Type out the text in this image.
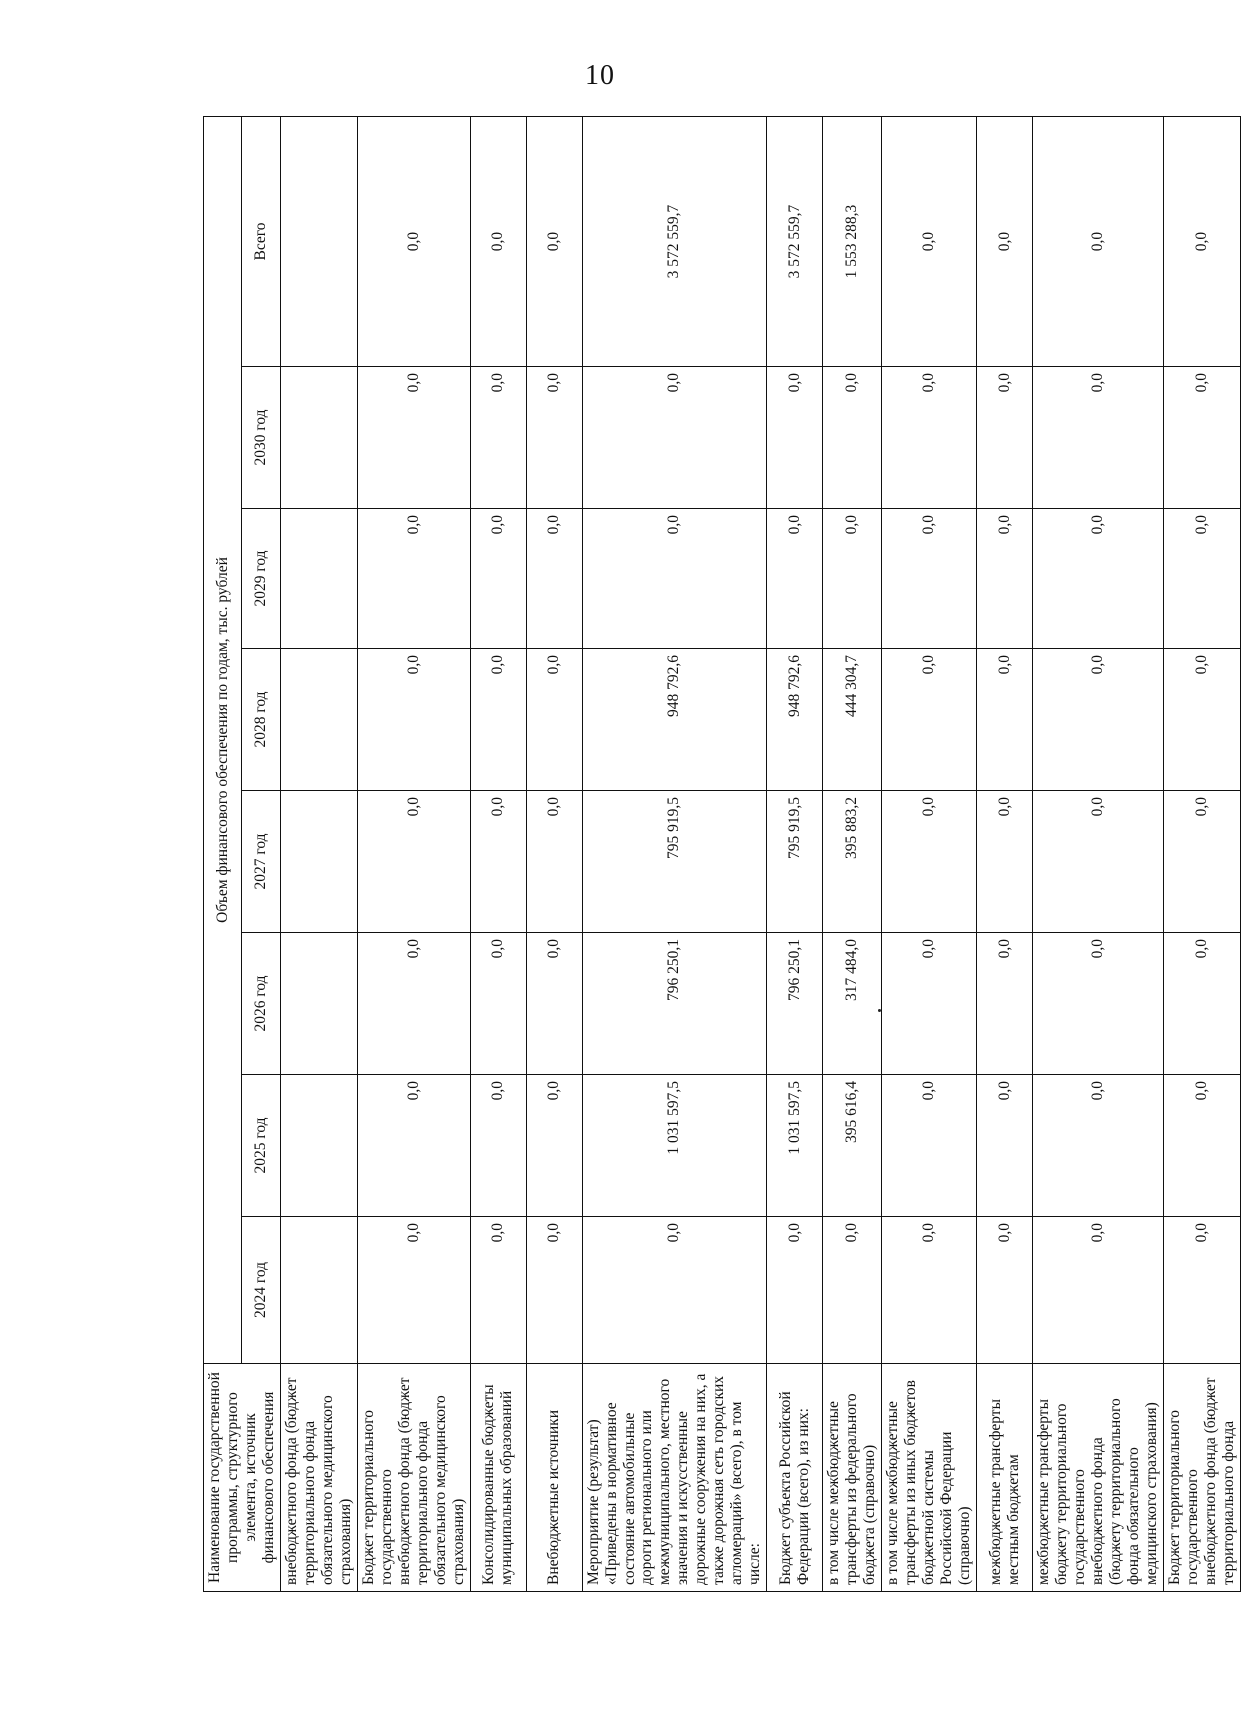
10
Наименование государственной программы, структурного элемента, источник финансового обеспечения	Объем финансового обеспечения по годам, тыс. рублей							
	2024 год	2025 год	2026 год	2027 год	2028 год	2029 год	2030 год	Всего
внебюджетного фонда (бюджет территориального фонда обязательного медицинского страхования)								
Бюджет территориального государственного внебюджетного фонда (бюджет территориального фонда обязательного медицинского страхования)	0,0	0,0	0,0	0,0	0,0	0,0	0,0	0,0
Консолидированные бюджеты муниципальных образований	0,0	0,0	0,0	0,0	0,0	0,0	0,0	0,0
Внебюджетные источники	0,0	0,0	0,0	0,0	0,0	0,0	0,0	0,0
Мероприятие (результат) «Приведены в нормативное состояние автомобильные дороги регионального или межмуниципального, местного значения и искусственные дорожные сооружения на них, а также дорожная сеть городских агломераций» (всего), в том числе:	0,0	1 031 597,5	796 250,1	795 919,5	948 792,6	0,0	0,0	3 572 559,7
Бюджет субъекта Российской Федерации (всего), из них:	0,0	1 031 597,5	796 250,1	795 919,5	948 792,6	0,0	0,0	3 572 559,7
в том числе межбюджетные трансферты из федерального бюджета (справочно)	0,0	395 616,4	317 484,0	395 883,2	444 304,7	0,0	0,0	1 553 288,3
в том числе межбюджетные трансферты из иных бюджетов бюджетной системы Российской Федерации (справочно)	0,0	0,0	0,0	0,0	0,0	0,0	0,0	0,0
межбюджетные трансферты местным бюджетам	0,0	0,0	0,0	0,0	0,0	0,0	0,0	0,0
межбюджетные трансферты бюджету территориального государственного внебюджетного фонда (бюджету территориального фонда обязательного медицинского страхования)	0,0	0,0	0,0	0,0	0,0	0,0	0,0	0,0
Бюджет территориального государственного внебюджетного фонда (бюджет территориального фонда	0,0	0,0	0,0	0,0	0,0	0,0	0,0	0,0
